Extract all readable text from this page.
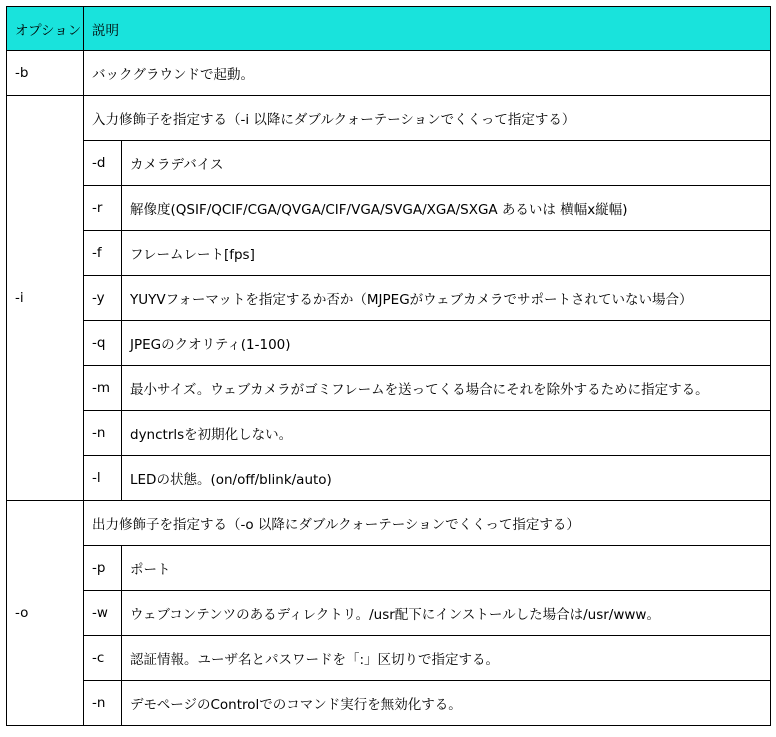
オプション	説明	
-b	バックグラウンドで起動。	
-i	入力修飾子を指定する（-i 以降にダブルクォーテーションでくくって指定する）	
	-d	カメラデバイス
	-r	解像度(QSIF/QCIF/CGA/QVGA/CIF/VGA/SVGA/XGA/SXGA あるいは 横幅x縦幅)
	-f	フレームレート[fps]
	-y	YUYVフォーマットを指定するか否か（MJPEGがウェブカメラでサポートされていない場合）
	-q	JPEGのクオリティ(1-100)
	-m	最小サイズ。ウェブカメラがゴミフレームを送ってくる場合にそれを除外するために指定する。
	-n	dynctrlsを初期化しない。
	-l	LEDの状態。(on/off/blink/auto)
-o	出力修飾子を指定する（-o 以降にダブルクォーテーションでくくって指定する）	
	-p	ポート
	-w	ウェブコンテンツのあるディレクトリ。/usr配下にインストールした場合は/usr/www。
	-c	認証情報。ユーザ名とパスワードを「:」区切りで指定する。
	-n	デモページのControlでのコマンド実行を無効化する。
